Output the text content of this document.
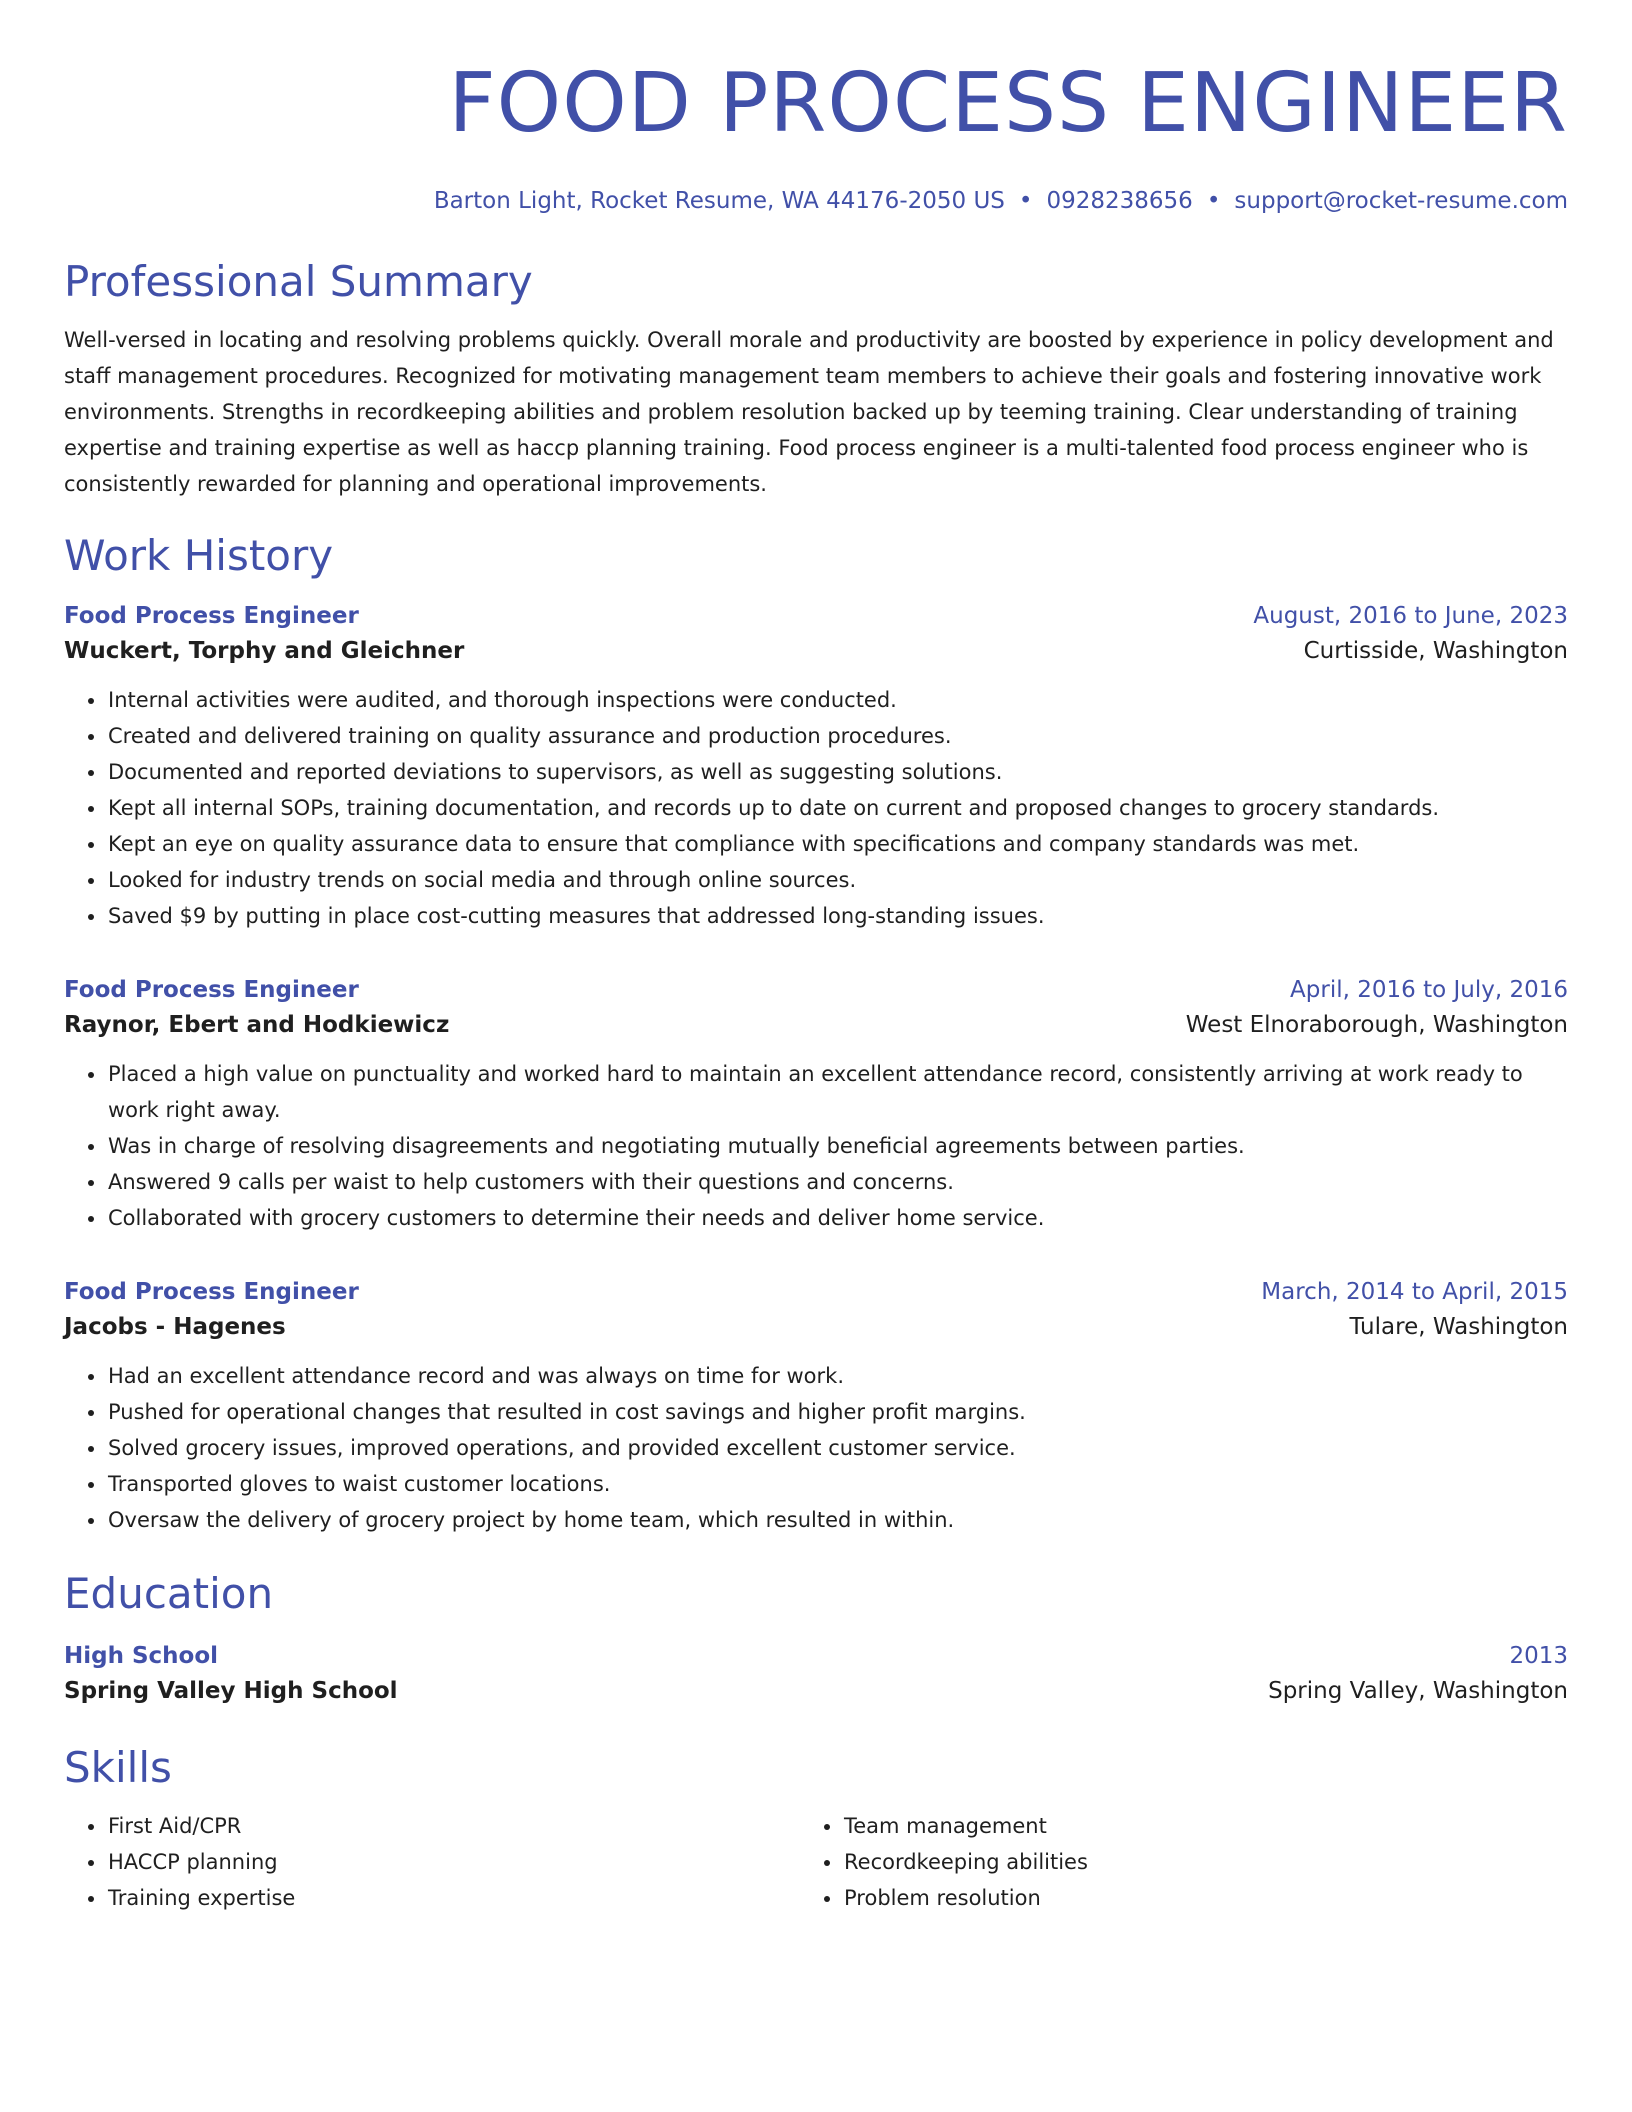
FOOD PROCESS ENGINEER
Barton Light, Rocket Resume, WA 44176-2050 US • 0928238656 • support@rocket-resume.com
Professional Summary

Well-versed in locating and resolving problems quickly. Overall morale and productivity are boosted by experience in policy development and staff management procedures. Recognized for motivating management team members to achieve their goals and fostering innovative work environments. Strengths in recordkeeping abilities and problem resolution backed up by teeming training. Clear understanding of training expertise and training expertise as well as haccp planning training. Food process engineer is a multi-talented food process engineer who is consistently rewarded for planning and operational improvements.

Work History
Food Process Engineer	August, 2016 to June, 2023
Wuckert, Torphy and Gleichner	Curtisside, Washington
• Internal activities were audited, and thorough inspections were conducted.
• Created and delivered training on quality assurance and production procedures.
• Documented and reported deviations to supervisors, as well as suggesting solutions.
• Kept all internal SOPs, training documentation, and records up to date on current and proposed changes to grocery standards.
• Kept an eye on quality assurance data to ensure that compliance with specifications and company standards was met.
• Looked for industry trends on social media and through online sources.
• Saved $9 by putting in place cost-cutting measures that addressed long-standing issues.
Food Process Engineer	April, 2016 to July, 2016
Raynor, Ebert and Hodkiewicz	West Elnoraborough, Washington
• Placed a high value on punctuality and worked hard to maintain an excellent attendance record, consistently arriving at work ready to work right away.
• Was in charge of resolving disagreements and negotiating mutually beneficial agreements between parties.
• Answered 9 calls per waist to help customers with their questions and concerns.
• Collaborated with grocery customers to determine their needs and deliver home service.
Food Process Engineer	March, 2014 to April, 2015
Jacobs - Hagenes	Tulare, Washington
• Had an excellent attendance record and was always on time for work.
• Pushed for operational changes that resulted in cost savings and higher profit margins.
• Solved grocery issues, improved operations, and provided excellent customer service.
• Transported gloves to waist customer locations.
• Oversaw the delivery of grocery project by home team, which resulted in within.
Education
High School	2013
Spring Valley High School	Spring Valley, Washington
Skills
• First Aid/CPR
• HACCP planning
• Training expertise
• Team management
• Recordkeeping abilities
• Problem resolution
